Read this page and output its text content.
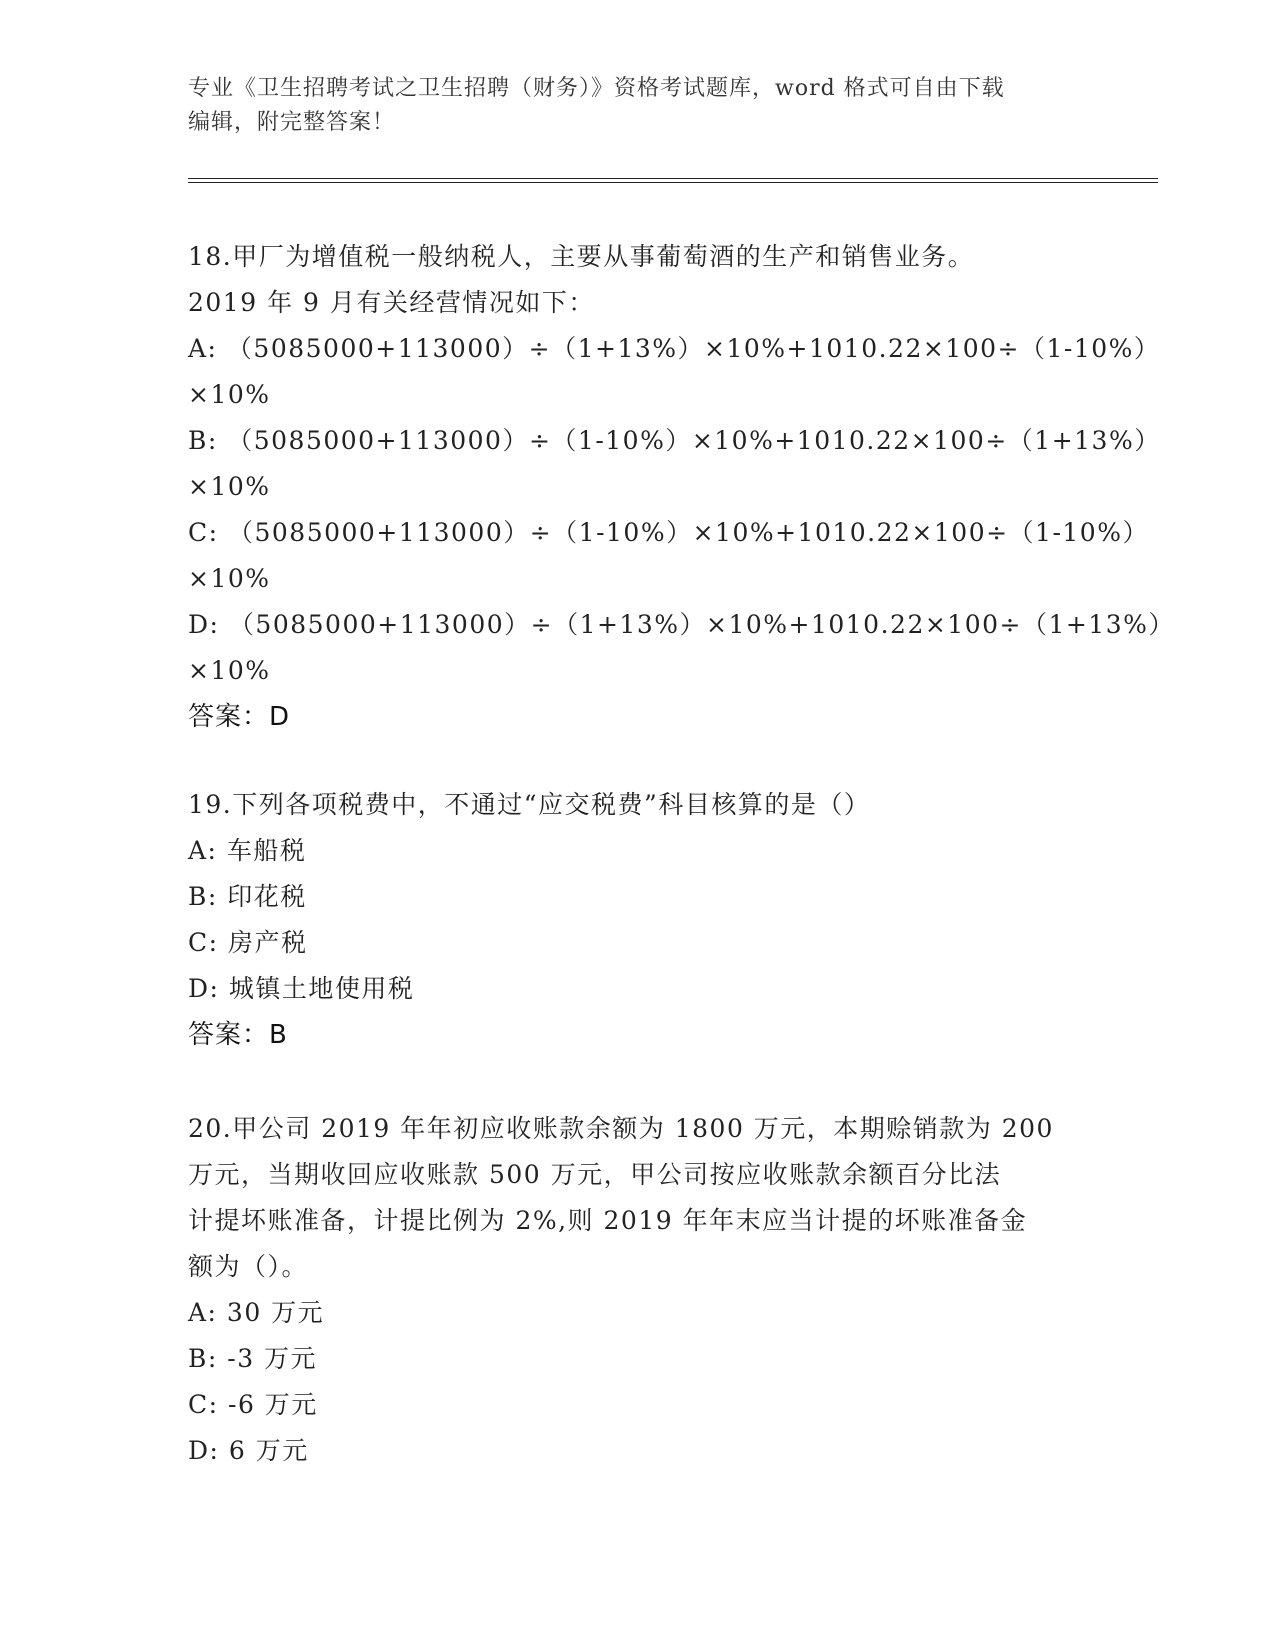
专业《卫生招聘考试之卫生招聘（财务）》资格考试题库，word 格式可自由下载
编辑，附完整答案！
18.甲厂为增值税一般纳税人，主要从事葡萄酒的生产和销售业务。
2019 年 9 月有关经营情况如下：
A: （5085000+113000）÷（1+13%）×10%+1010.22×100÷（1-10%）
×10%
B: （5085000+113000）÷（1-10%）×10%+1010.22×100÷（1+13%）
×10%
C: （5085000+113000）÷（1-10%）×10%+1010.22×100÷（1-10%）
×10%
D: （5085000+113000）÷（1+13%）×10%+1010.22×100÷（1+13%）
×10%
答案：D
19.下列各项税费中，不通过“应交税费”科目核算的是（）
A: 车船税
B: 印花税
C: 房产税
D: 城镇土地使用税
答案：B
20.甲公司 2019 年年初应收账款余额为 1800 万元，本期赊销款为 200
万元，当期收回应收账款 500 万元，甲公司按应收账款余额百分比法
计提坏账准备，计提比例为 2%,则 2019 年年末应当计提的坏账准备金
额为（）。
A: 30 万元
B: -3 万元
C: -6 万元
D: 6 万元
